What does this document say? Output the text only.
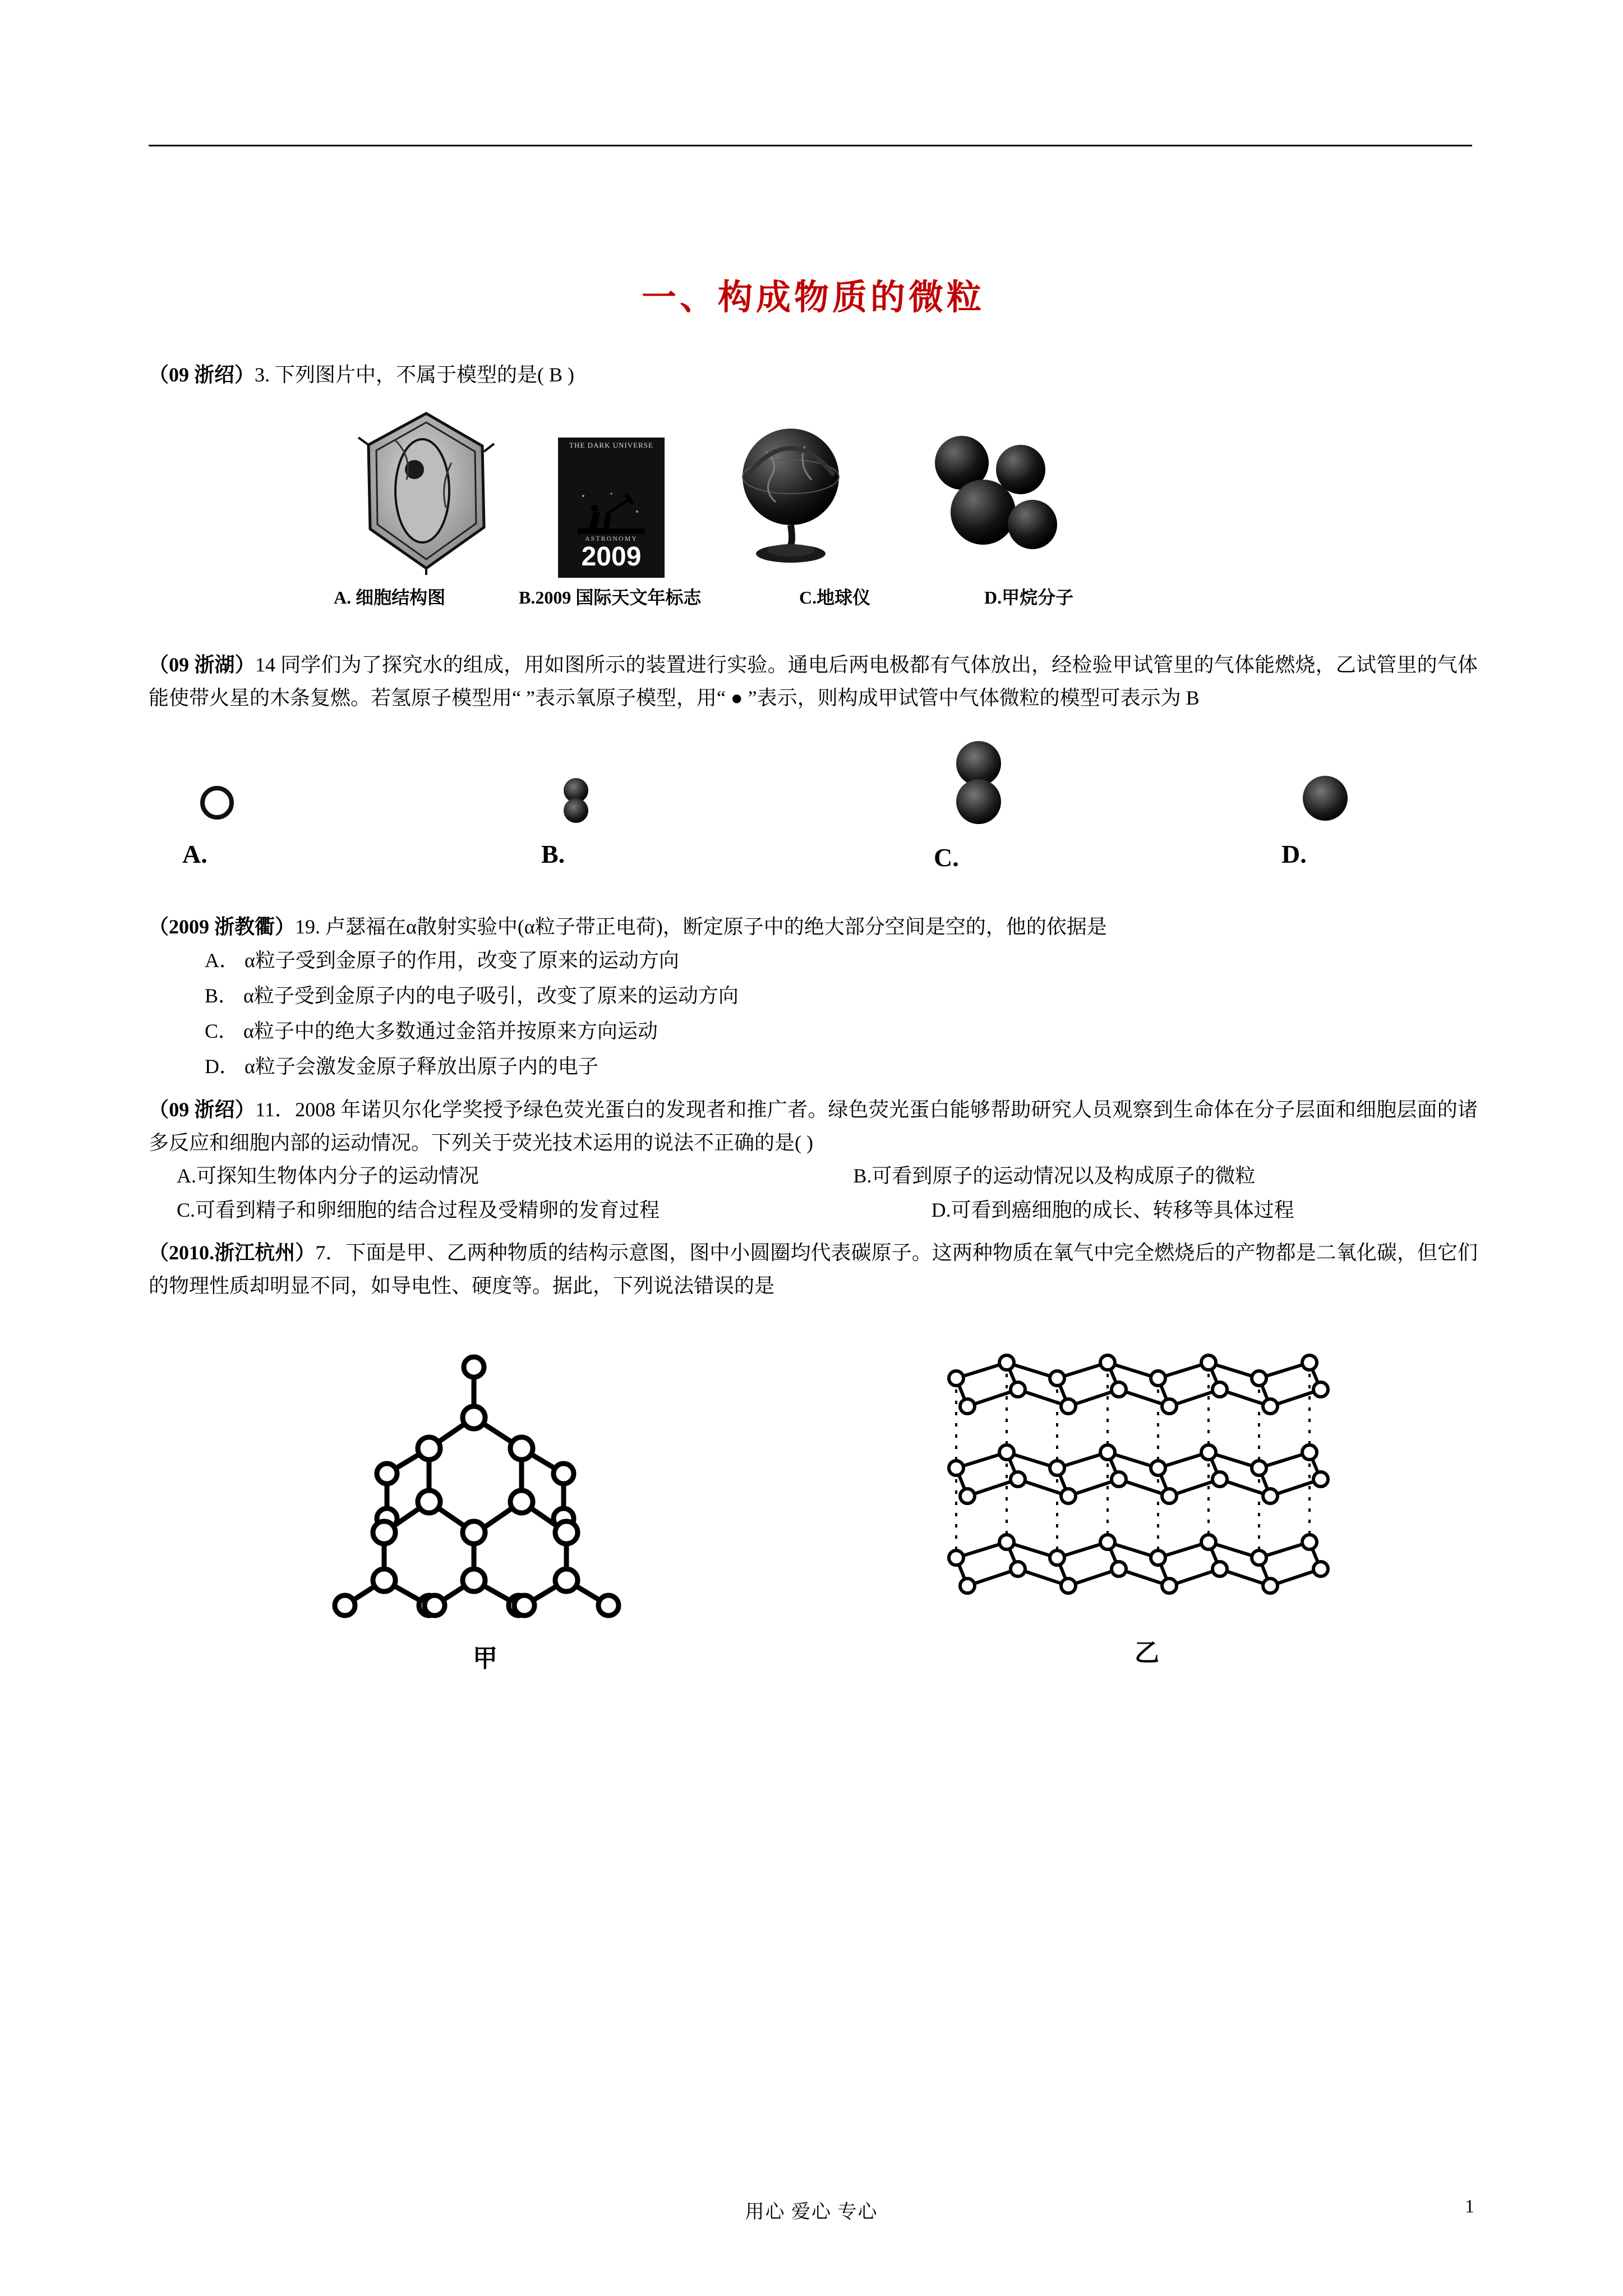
一、构成物质的微粒

（09 浙绍）3. 下列图片中，不属于模型的是( B )

THE DARK UNIVERSE
ASTRONOMY
2009
A. 细胞结构图	B.2009 国际天文年标志	C.地球仪	D.甲烷分子

（09 浙湖）14 同学们为了探究水的组成，用如图所示的装置进行实验。通电后两电极都有气体放出，经检验甲试管里的气体能燃烧，乙试管里的气体能使带火星的木条复燃。若氢原子模型用“ ”表示氧原子模型，用“ ● ”表示，则构成甲试管中气体微粒的模型可表示为 B

A.	B.	C.	D.

（2009 浙教衢）19. 卢瑟福在α散射实验中(α粒子带正电荷)，断定原子中的绝大部分空间是空的，他的依据是

A． α粒子受到金原子的作用，改变了原来的运动方向

B． α粒子受到金原子内的电子吸引，改变了原来的运动方向

C． α粒子中的绝大多数通过金箔并按原来方向运动

D． α粒子会激发金原子释放出原子内的电子

（09 浙绍）11．2008 年诺贝尔化学奖授予绿色荧光蛋白的发现者和推广者。绿色荧光蛋白能够帮助研究人员观察到生命体在分子层面和细胞层面的诸多反应和细胞内部的运动情况。下列关于荧光技术运用的说法不正确的是( )

A.可探知生物体内分子的运动情况	B.可看到原子的运动情况以及构成原子的微粒
C.可看到精子和卵细胞的结合过程及受精卵的发育过程	D.可看到癌细胞的成长、转移等具体过程

（2010.浙江杭州）7．下面是甲、乙两种物质的结构示意图，图中小圆圈均代表碳原子。这两种物质在氧气中完全燃烧后的产物都是二氧化碳，但它们的物理性质却明显不同，如导电性、硬度等。据此，下列说法错误的是

甲	乙
用心 爱心 专心	1
